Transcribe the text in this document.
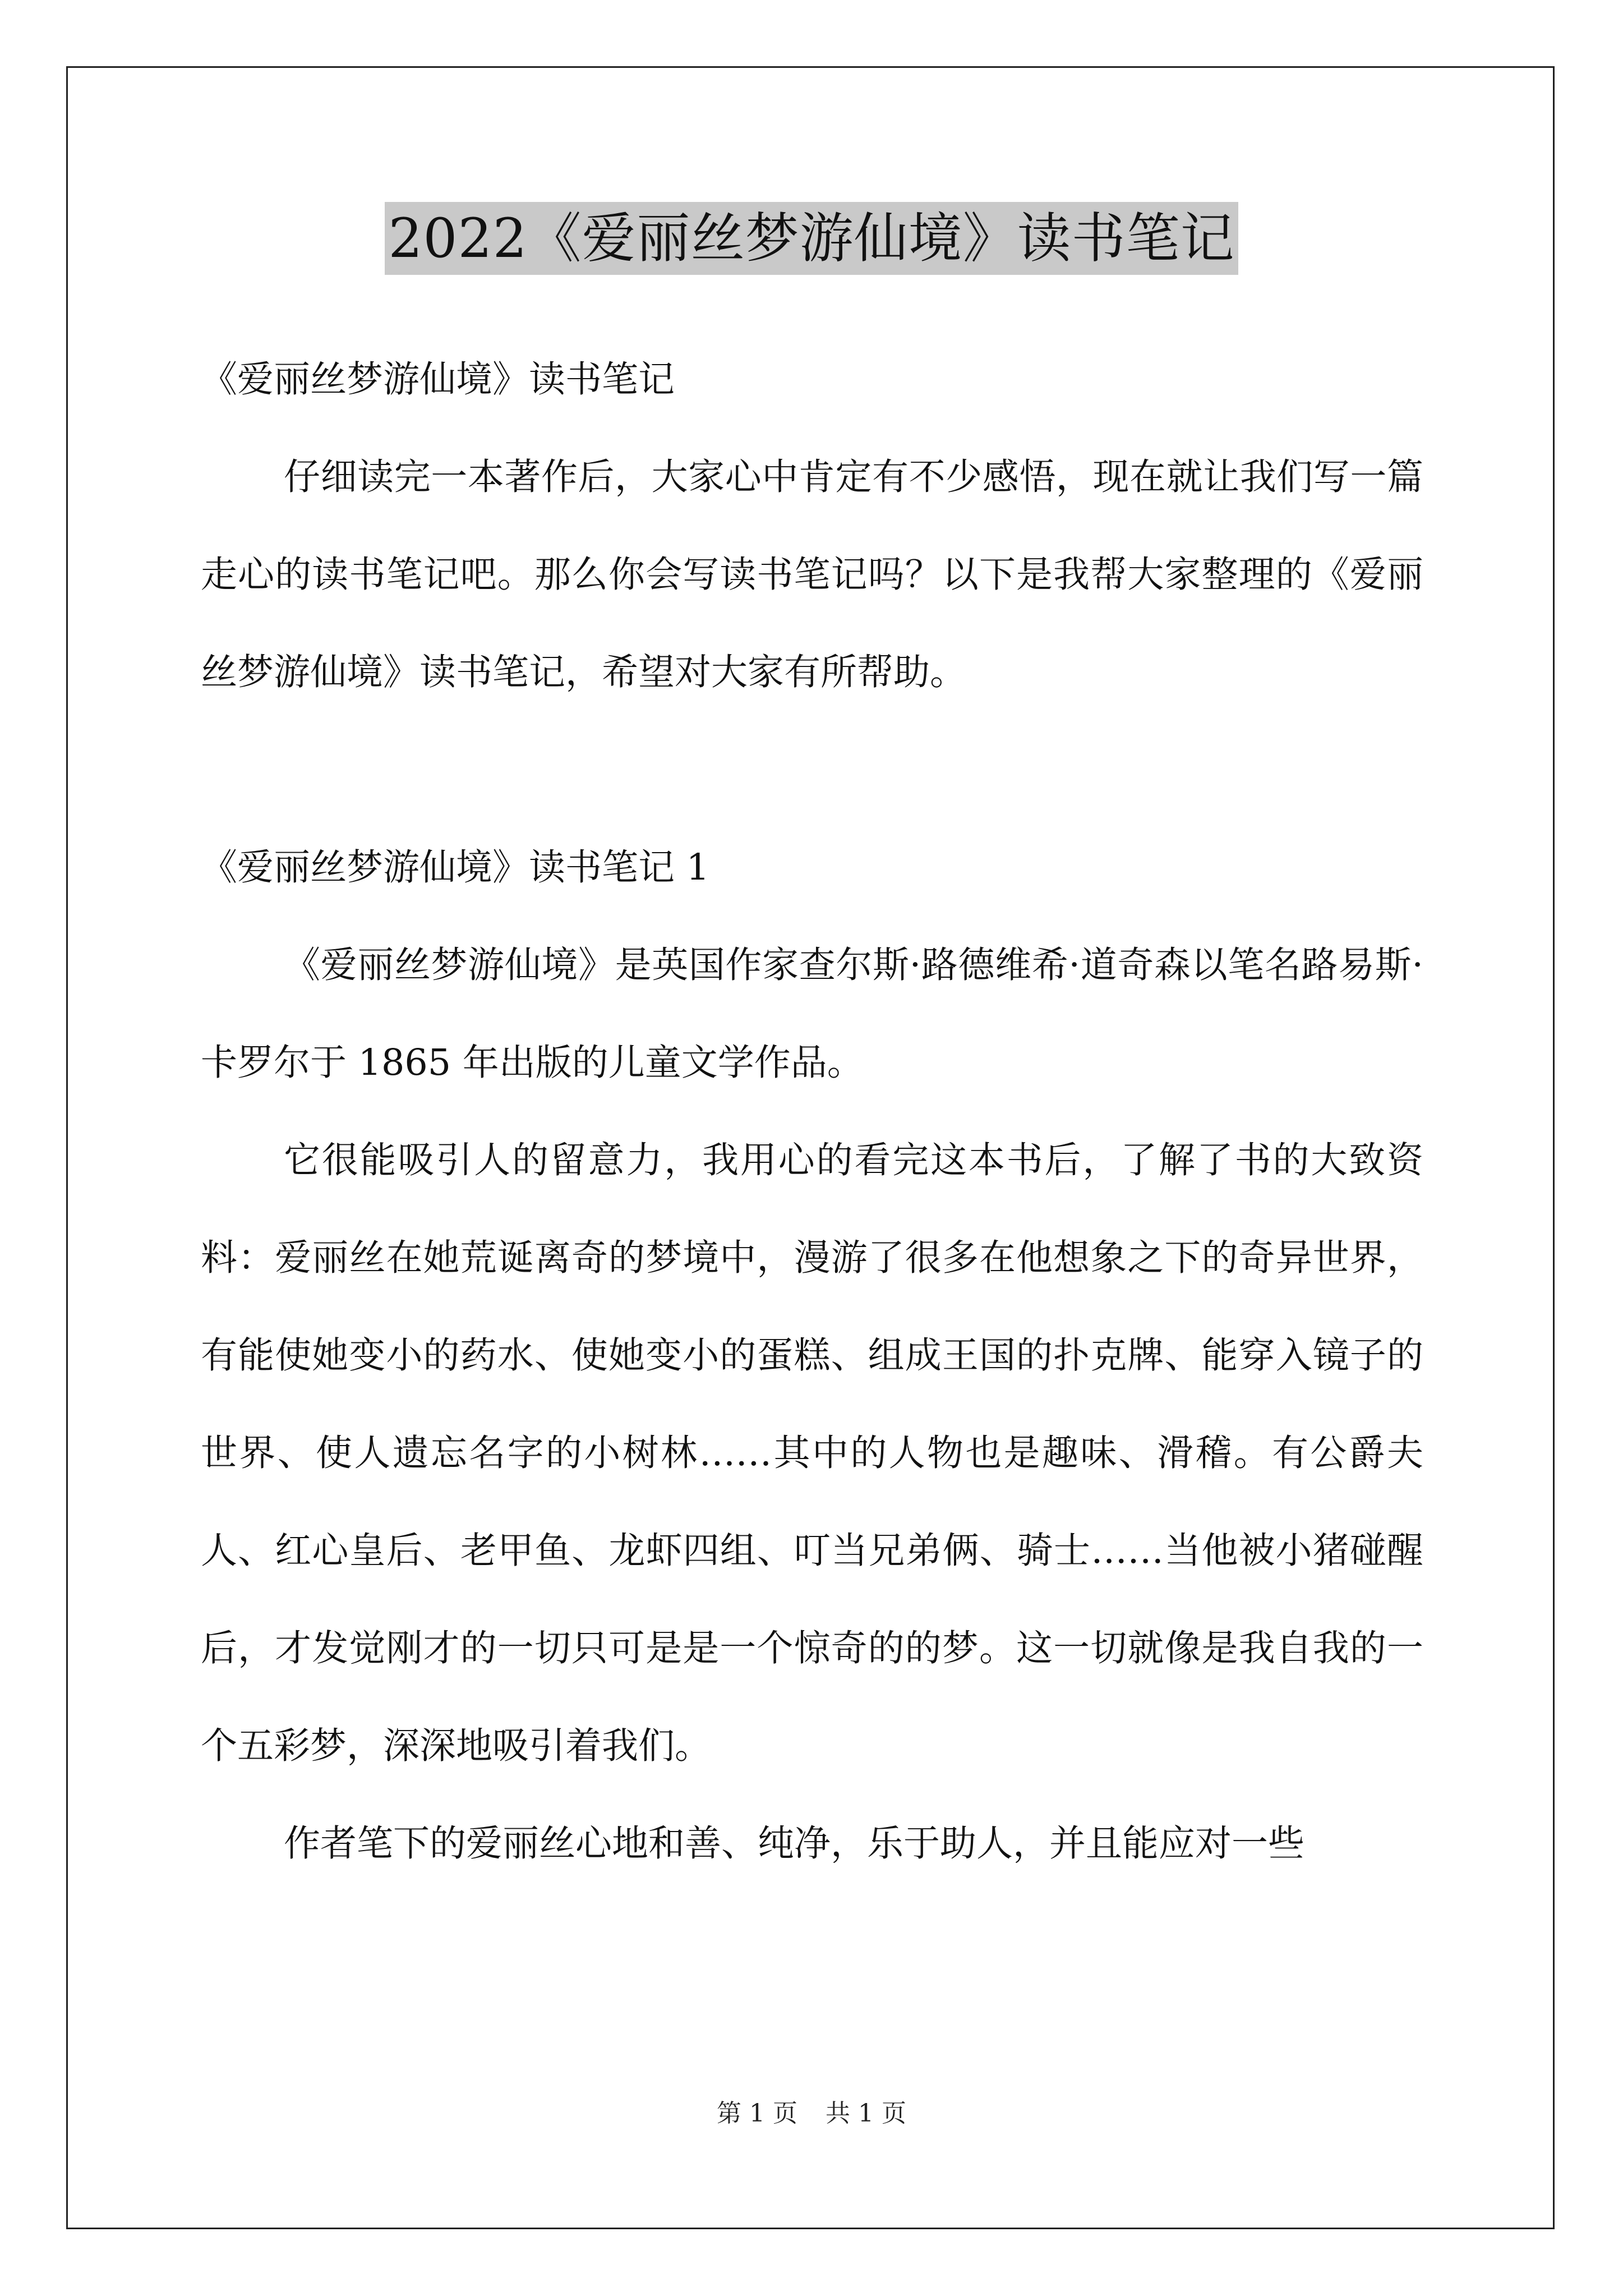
2022《爱丽丝梦游仙境》读书笔记

《爱丽丝梦游仙境》读书笔记

仔细读完一本著作后，大家心中肯定有不少感悟，现在就让我们写一篇走心的读书笔记吧。那么你会写读书笔记吗？以下是我帮大家整理的《爱丽丝梦游仙境》读书笔记，希望对大家有所帮助。

《爱丽丝梦游仙境》读书笔记 1

《爱丽丝梦游仙境》是英国作家查尔斯·路德维希·道奇森以笔名路易斯·卡罗尔于 1865 年出版的儿童文学作品。

它很能吸引人的留意力，我用心的看完这本书后，了解了书的大致资料：爱丽丝在她荒诞离奇的梦境中，漫游了很多在他想象之下的奇异世界，有能使她变小的药水、使她变小的蛋糕、组成王国的扑克牌、能穿入镜子的世界、使人遗忘名字的小树林……其中的人物也是趣味、滑稽。有公爵夫人、红心皇后、老甲鱼、龙虾四组、叮当兄弟俩、骑士……当他被小猪碰醒后，才发觉刚才的一切只可是是一个惊奇的的梦。这一切就像是我自我的一个五彩梦，深深地吸引着我们。

作者笔下的爱丽丝心地和善、纯净，乐于助人，并且能应对一些

第 1 页 共 1 页
